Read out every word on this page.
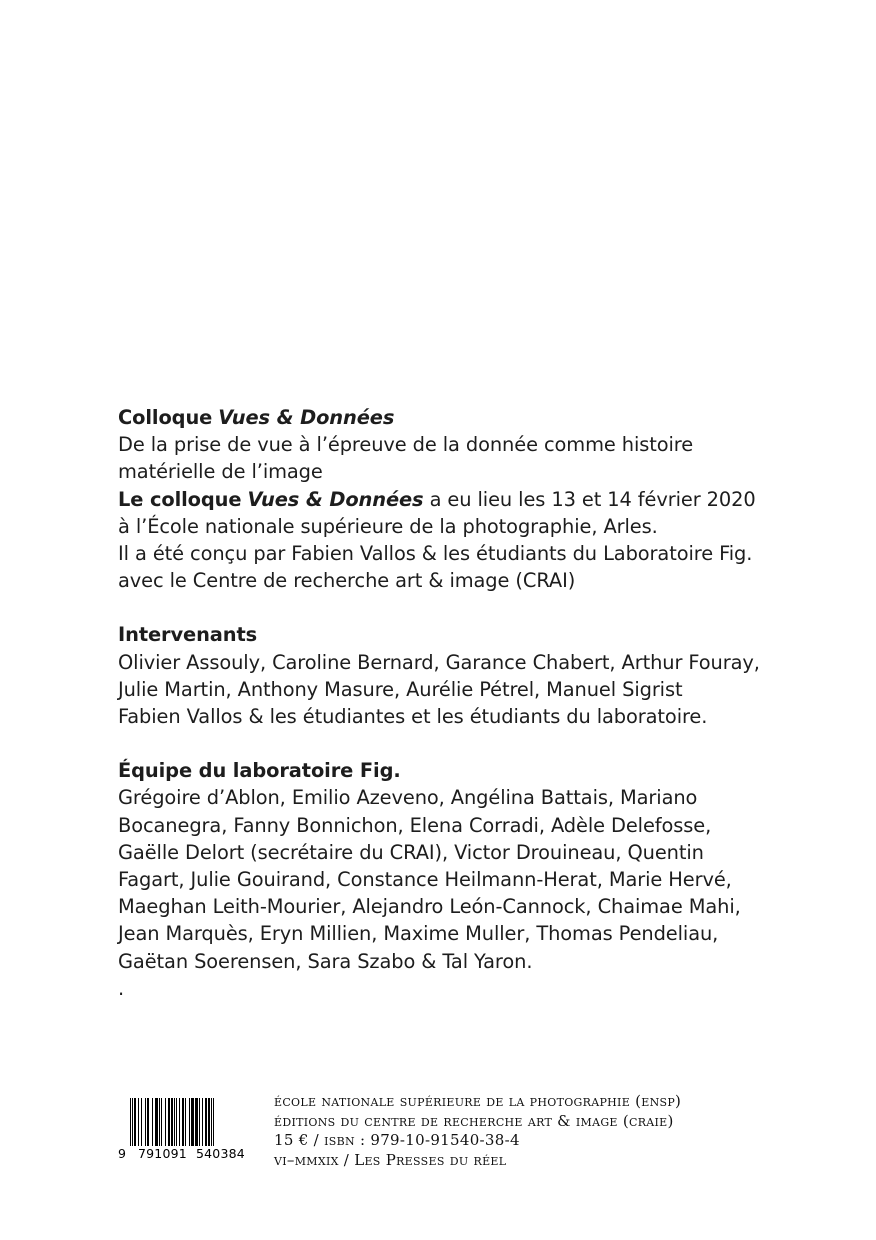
Colloque Vues & Données

De la prise de vue à l’épreuve de la donnée comme histoire

matérielle de l’image

Le colloque Vues & Données a eu lieu les 13 et 14 février 2020

à l’École nationale supérieure de la photographie, Arles.

Il a été conçu par Fabien Vallos & les étudiants du Laboratoire Fig.

avec le Centre de recherche art & image (CRAI)

Intervenants

Olivier Assouly, Caroline Bernard, Garance Chabert, Arthur Fouray,

Julie Martin, Anthony Masure, Aurélie Pétrel, Manuel Sigrist

Fabien Vallos & les étudiantes et les étudiants du laboratoire.

Équipe du laboratoire Fig.

Grégoire d’Ablon, Emilio Azeveno, Angélina Battais, Mariano

Bocanegra, Fanny Bonnichon, Elena Corradi, Adèle Delefosse,

Gaëlle Delort (secrétaire du CRAI), Victor Drouineau, Quentin

Fagart, Julie Gouirand, Constance Heilmann-Herat, Marie Hervé,

Maeghan Leith-Mourier, Alejandro León-Cannock, Chaimae Mahi,

Jean Marquès, Eryn Millien, Maxime Muller, Thomas Pendeliau,

Gaëtan Soerensen, Sara Szabo & Tal Yaron.

.

9 791091 540384

école nationale supérieure de la photographie (ensp)

éditions du centre de recherche art & image (craie)

15 € / isbn : 979-10-91540-38-4

vi–mmxix / Les Presses du réel
